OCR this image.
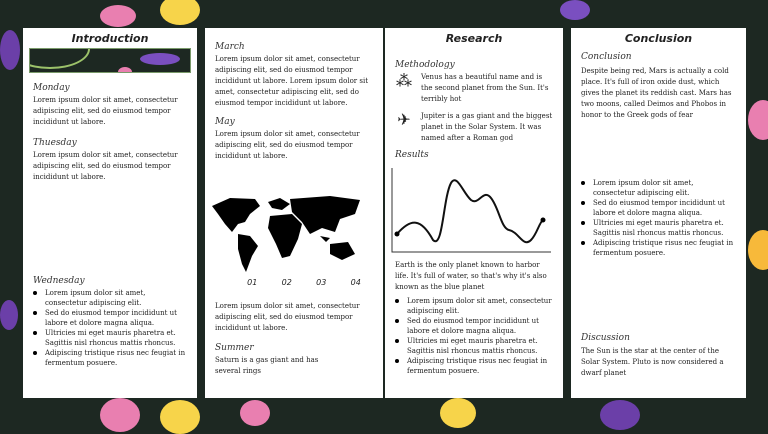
Introduction
Monday
Lorem ipsum dolor sit amet, consectetur adipiscing elit, sed do eiusmod tempor incididunt ut labore.
Thuesday
Lorem ipsum dolor sit amet, consectetur adipiscing elit, sed do eiusmod tempor incididunt ut labore.
Wednesday
Lorem ipsum dolor sit amet, consectetur adipiscing elit.
Sed do eiusmod tempor incididunt ut labore et dolore magna aliqua.
Ultricies mi eget mauris pharetra et. Sagittis nisl rhoncus mattis rhoncus.
Adipiscing tristique risus nec feugiat in fermentum posuere.
March
Lorem ipsum dolor sit amet, consectetur adipiscing elit, sed do eiusmod tempor incididunt ut labore. Lorem ipsum dolor sit amet, consectetur adipiscing elit, sed do eiusmod tempor incididunt ut labore.
May
Lorem ipsum dolor sit amet, consectetur adipiscing elit, sed do eiusmod tempor incididunt ut labore.
01	02	03	04
Lorem ipsum dolor sit amet, consectetur adipiscing elit, sed do eiusmod tempor incididunt ut labore.
Summer
Saturn is a gas giant and has several rings
Research
Methodology
⁂ Venus has a beautiful name and is the second planet from the Sun. It's terribly hot
✈	Jupiter is a gas giant and the biggest planet in the Solar System. It was named after a Roman god
Results
Earth is the only planet known to harbor life. It's full of water, so that's why it's also known as the blue planet
Lorem ipsum dolor sit amet, consectetur adipiscing elit.
Sed do eiusmod tempor incididunt ut labore et dolore magna aliqua.
Ultricies mi eget mauris pharetra et. Sagittis nisl rhoncus mattis rhoncus.
Adipiscing tristique risus nec feugiat in fermentum posuere.
Conclusion
Conclusion
Despite being red, Mars is actually a cold place. It's full of iron oxide dust, which gives the planet its reddish cast. Mars has two moons, called Deimos and Phobos in honor to the Greek gods of fear
Lorem ipsum dolor sit amet, consectetur adipiscing elit.
Sed do eiusmod tempor incididunt ut labore et dolore magna aliqua.
Ultricies mi eget mauris pharetra et. Sagittis nisl rhoncus mattis rhoncus.
Adipiscing tristique risus nec feugiat in fermentum posuere.
Discussion
The Sun is the star at the center of the Solar System. Pluto is now considered a dwarf planet
